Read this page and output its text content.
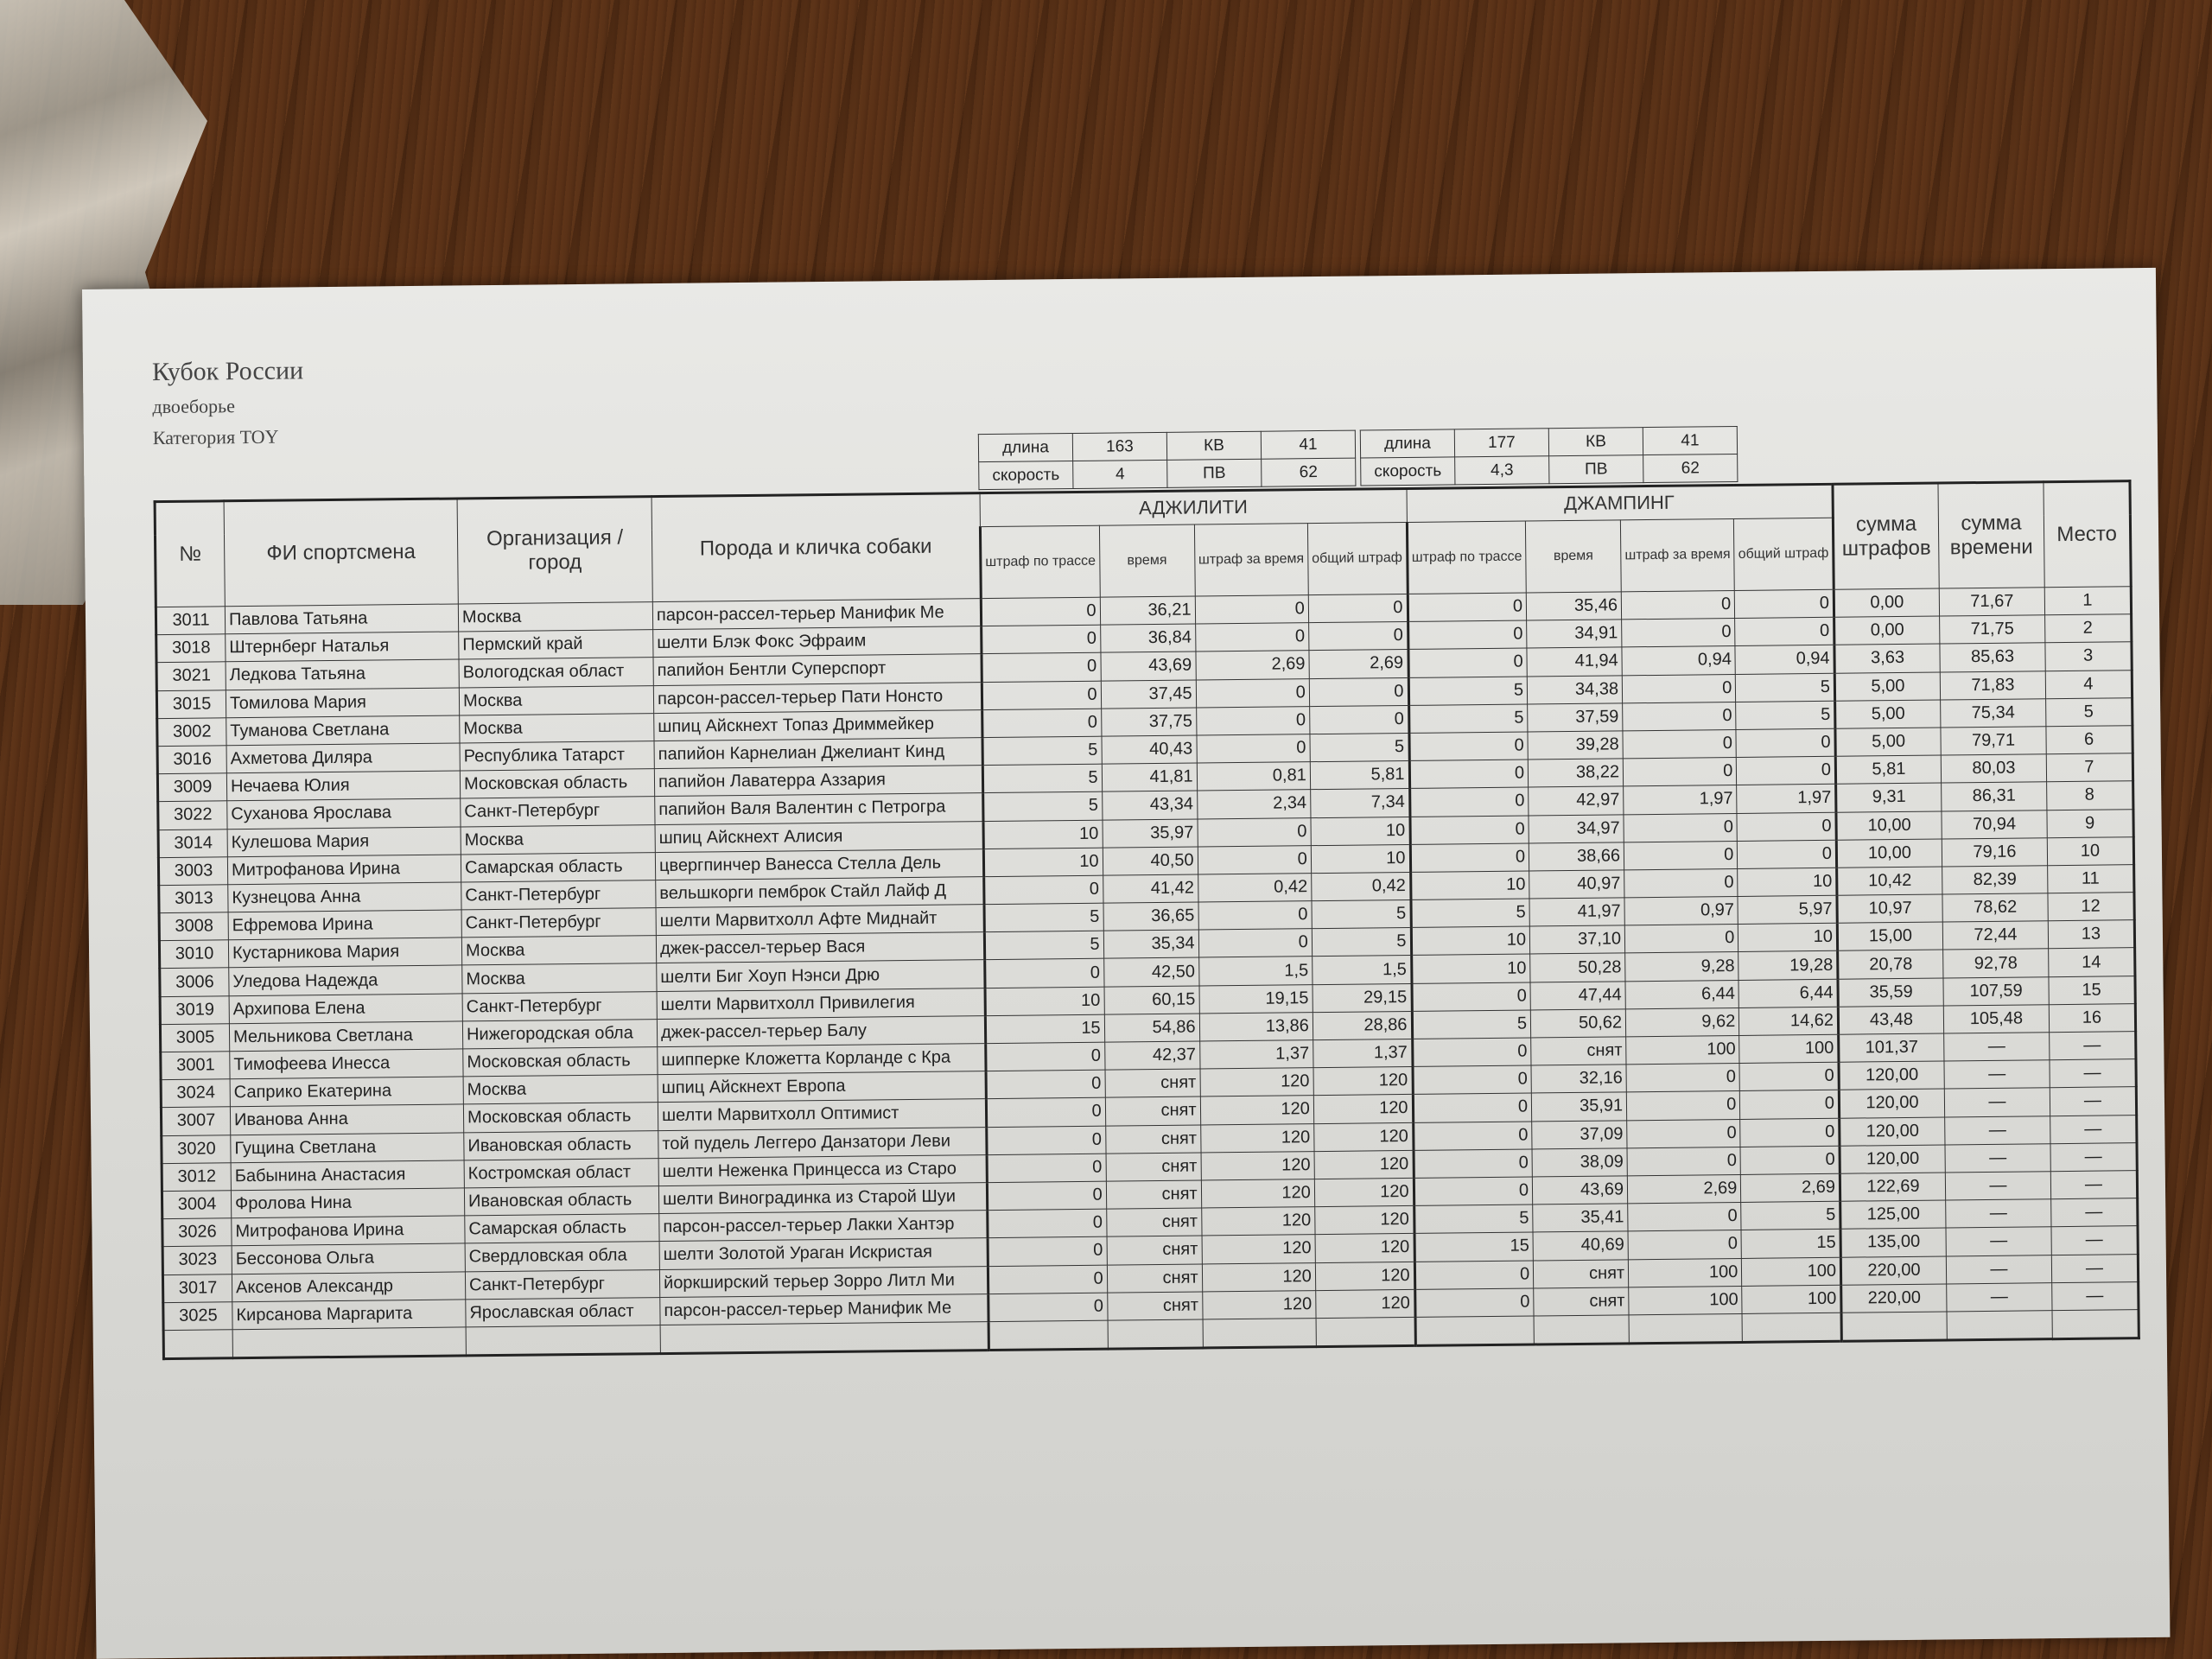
Кубок России
двоеборье
Категория TOY	длина	163	КВ	41
скорость	4	ПВ	62
длина	177	КВ	41
скорость	4,3	ПВ	62
№	ФИ спортсмена	Организация / город	Порода и кличка собаки	АДЖИЛИТИ				ДЖАМПИНГ				сумма штрафов	сумма времени	Место
				штраф по трассе	время	штраф за время	общий штраф	штраф по трассе	время	штраф за время	общий штраф			
3011	Павлова Татьяна	Москва	парсон-рассел-терьер Манифик Ме	0	36,21	0	0	0	35,46	0	0	0,00	71,67	1
3018	Штернберг Наталья	Пермский край	шелти Блэк Фокс Эфраим	0	36,84	0	0	0	34,91	0	0	0,00	71,75	2
3021	Ледкова Татьяна	Вологодская област	папийон Бентли Суперспорт	0	43,69	2,69	2,69	0	41,94	0,94	0,94	3,63	85,63	3
3015	Томилова Мария	Москва	парсон-рассел-терьер Пати Нонсто	0	37,45	0	0	5	34,38	0	5	5,00	71,83	4
3002	Туманова Светлана	Москва	шпиц Айскнехт Топаз Дриммейкер	0	37,75	0	0	5	37,59	0	5	5,00	75,34	5
3016	Ахметова Диляра	Республика Татарст	папийон Карнелиан Джелиант Кинд	5	40,43	0	5	0	39,28	0	0	5,00	79,71	6
3009	Нечаева Юлия	Московская область	папийон Лаватерра Аззария	5	41,81	0,81	5,81	0	38,22	0	0	5,81	80,03	7
3022	Суханова Ярослава	Санкт-Петербург	папийон Валя Валентин с Петрогра	5	43,34	2,34	7,34	0	42,97	1,97	1,97	9,31	86,31	8
3014	Кулешова Мария	Москва	шпиц Айскнехт Алисия	10	35,97	0	10	0	34,97	0	0	10,00	70,94	9
3003	Митрофанова Ирина	Самарская область	цвергпинчер Ванесса Стелла Дель	10	40,50	0	10	0	38,66	0	0	10,00	79,16	10
3013	Кузнецова Анна	Санкт-Петербург	вельшкорги пемброк Стайл Лайф Д	0	41,42	0,42	0,42	10	40,97	0	10	10,42	82,39	11
3008	Ефремова Ирина	Санкт-Петербург	шелти Марвитхолл Афте Миднайт	5	36,65	0	5	5	41,97	0,97	5,97	10,97	78,62	12
3010	Кустарникова Мария	Москва	джек-рассел-терьер Вася	5	35,34	0	5	10	37,10	0	10	15,00	72,44	13
3006	Уледова Надежда	Москва	шелти Биг Хоуп Нэнси Дрю	0	42,50	1,5	1,5	10	50,28	9,28	19,28	20,78	92,78	14
3019	Архипова Елена	Санкт-Петербург	шелти Марвитхолл Привилегия	10	60,15	19,15	29,15	0	47,44	6,44	6,44	35,59	107,59	15
3005	Мельникова Светлана	Нижегородская обла	джек-рассел-терьер Балу	15	54,86	13,86	28,86	5	50,62	9,62	14,62	43,48	105,48	16
3001	Тимофеева Инесса	Московская область	шипперке Кложетта Корланде с Кра	0	42,37	1,37	1,37	0	снят	100	100	101,37	—	—
3024	Саприко Екатерина	Москва	шпиц Айскнехт Европа	0	снят	120	120	0	32,16	0	0	120,00	—	—
3007	Иванова Анна	Московская область	шелти Марвитхолл Оптимист	0	снят	120	120	0	35,91	0	0	120,00	—	—
3020	Гущина Светлана	Ивановская область	той пудель Леггеро Данзатори Леви	0	снят	120	120	0	37,09	0	0	120,00	—	—
3012	Бабынина Анастасия	Костромская област	шелти Неженка Принцесса из Старо	0	снят	120	120	0	38,09	0	0	120,00	—	—
3004	Фролова Нина	Ивановская область	шелти Виноградинка из Старой Шуи	0	снят	120	120	0	43,69	2,69	2,69	122,69	—	—
3026	Митрофанова Ирина	Самарская область	парсон-рассел-терьер Лакки Хантэр	0	снят	120	120	5	35,41	0	5	125,00	—	—
3023	Бессонова Ольга	Свердловская обла	шелти Золотой Ураган Искристая	0	снят	120	120	15	40,69	0	15	135,00	—	—
3017	Аксенов Александр	Санкт-Петербург	йоркширский терьер Зорро Литл Ми	0	снят	120	120	0	снят	100	100	220,00	—	—
3025	Кирсанова Маргарита	Ярославская област	парсон-рассел-терьер Манифик Ме	0	снят	120	120	0	снят	100	100	220,00	—	—
